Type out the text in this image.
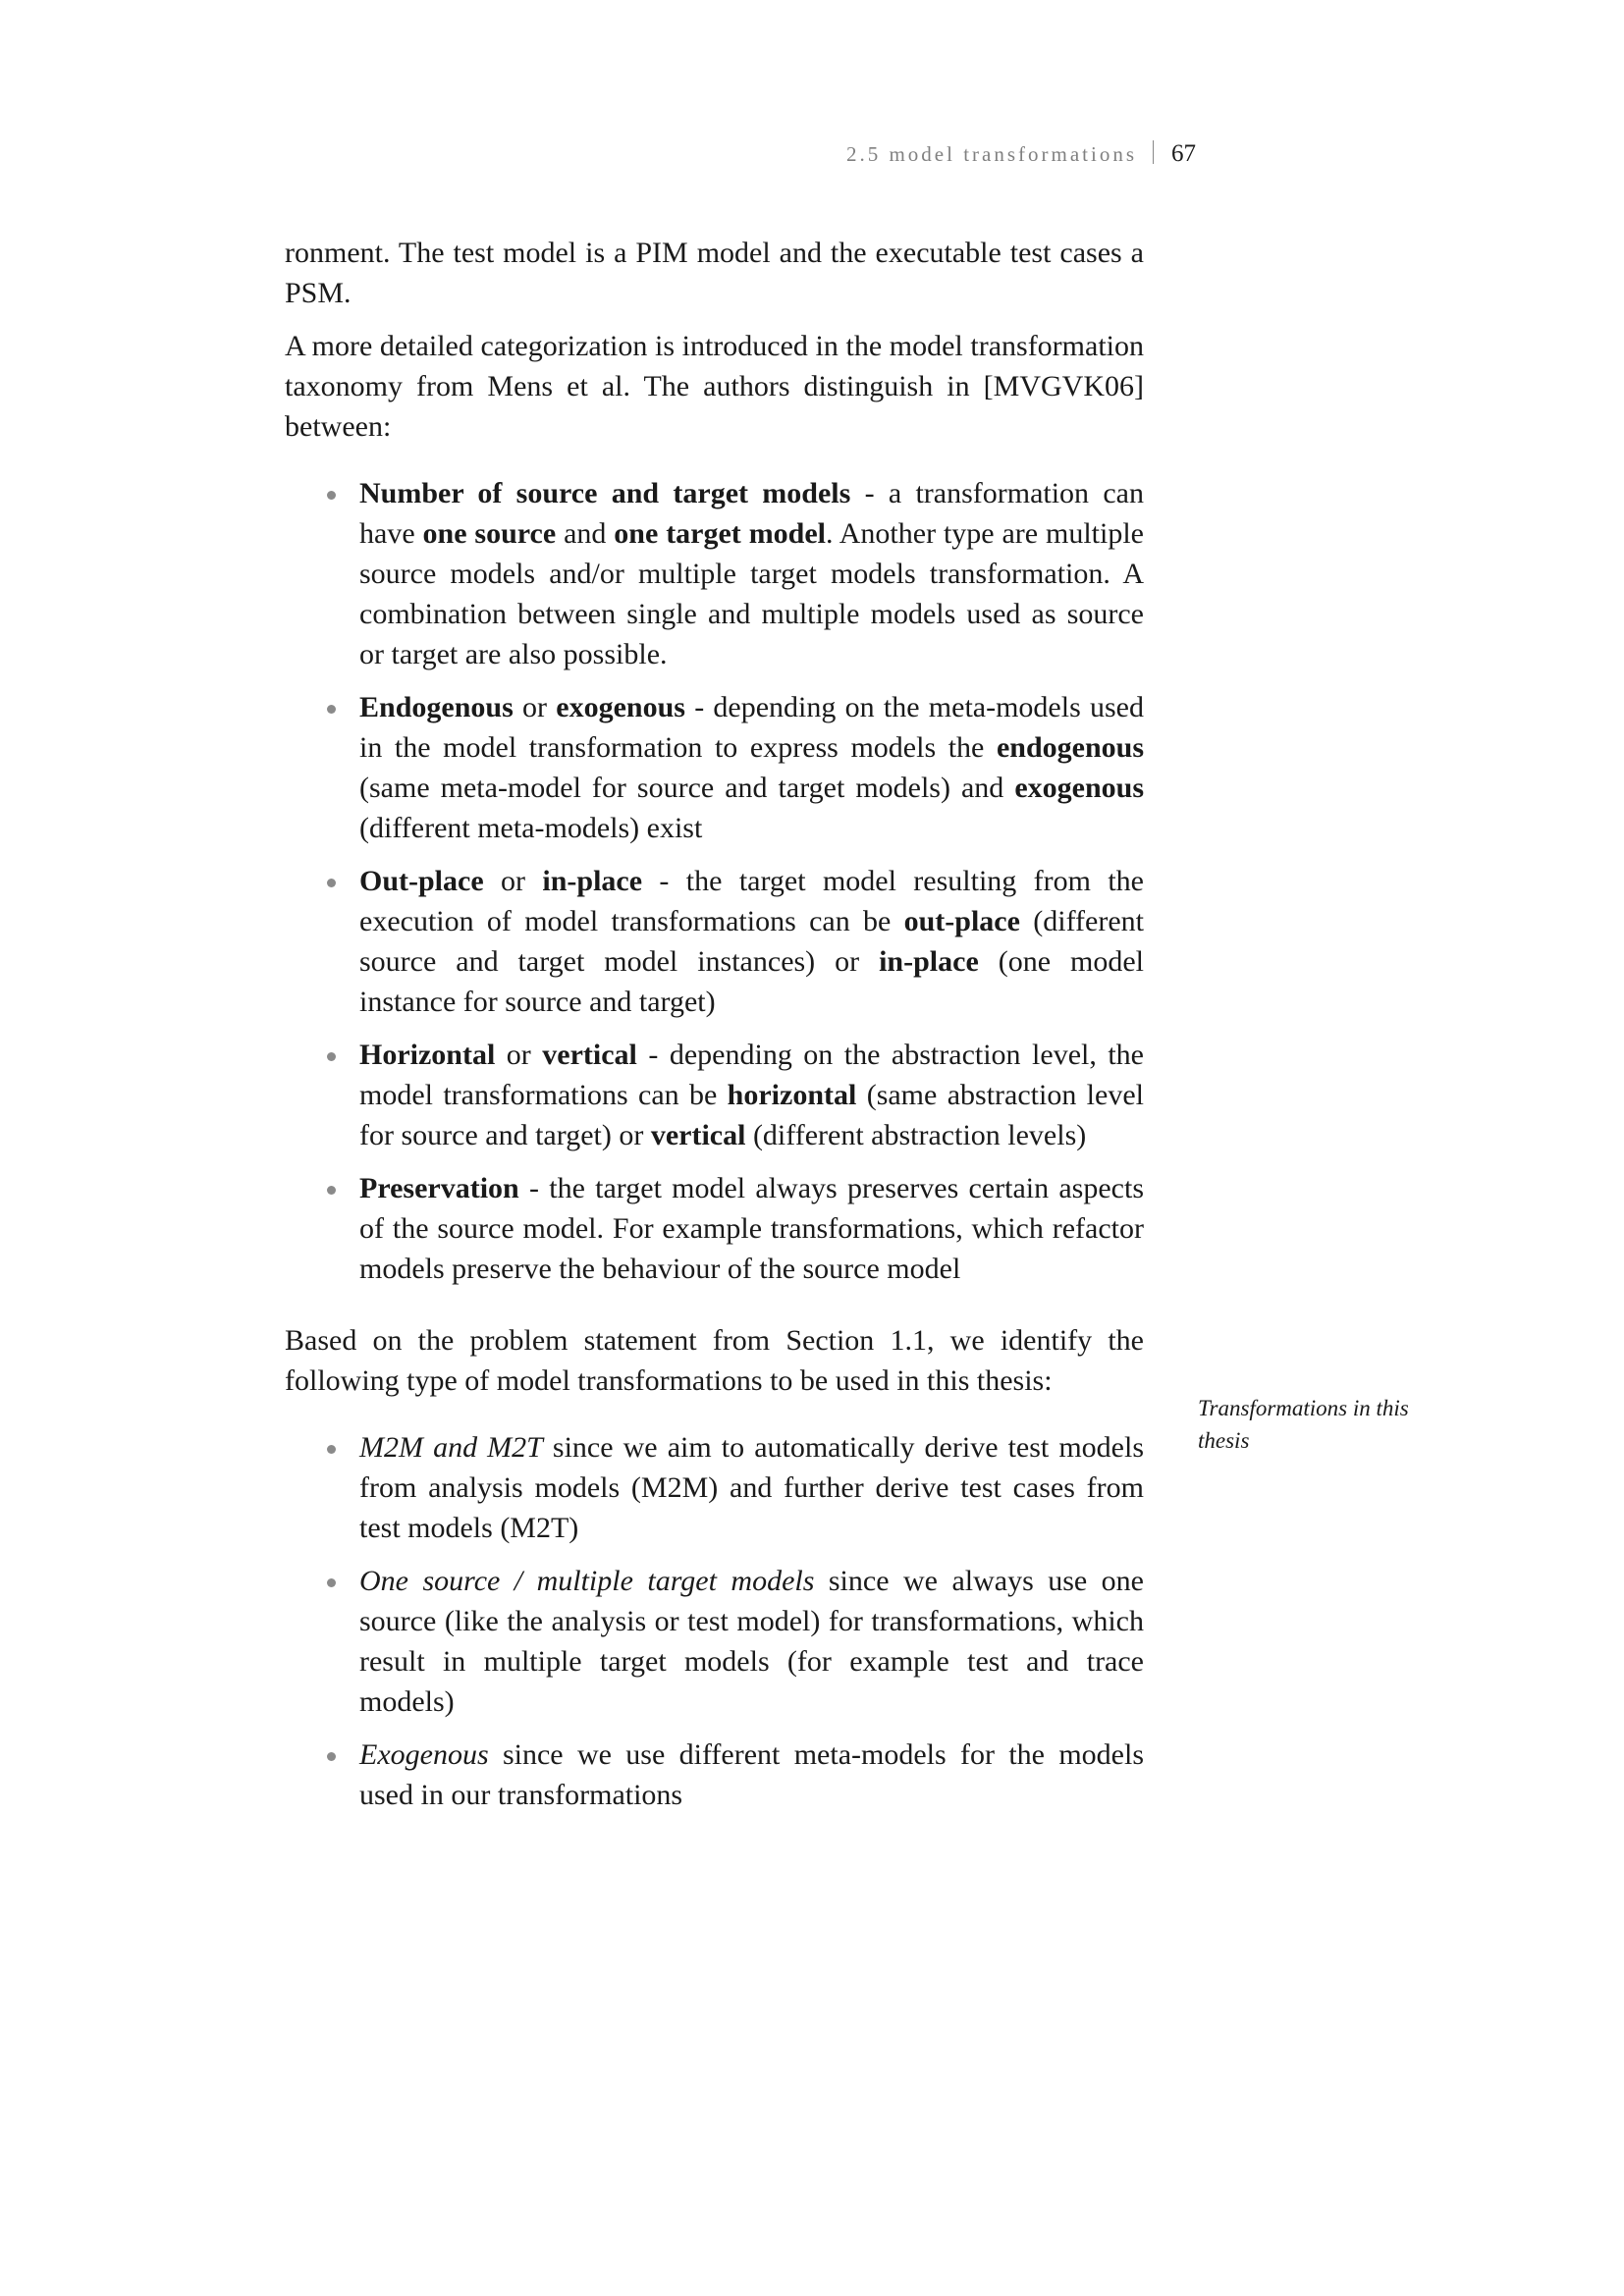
2.5 model transformations 67

ronment. The test model is a PIM model and the executable test cases a PSM.

A more detailed categorization is introduced in the model transformation taxonomy from Mens et al. The authors distinguish in [MVGVK06] between:

Number of source and target models - a transformation can have one source and one target model. Another type are multiple source models and/or multiple target models transformation. A combination between single and multiple models used as source or target are also possible.
Endogenous or exogenous - depending on the meta-models used in the model transformation to express models the endogenous (same meta-model for source and target models) and exogenous (different meta-models) exist
Out-place or in-place - the target model resulting from the execution of model transformations can be out-place (different source and target model instances) or in-place (one model instance for source and target)
Horizontal or vertical - depending on the abstraction level, the model transformations can be horizontal (same abstraction level for source and target) or vertical (different abstraction levels)
Preservation - the target model always preserves certain aspects of the source model. For example transformations, which refactor models preserve the behaviour of the source model

Based on the problem statement from Section 1.1, we identify the following type of model transformations to be used in this thesis:

M2M and M2T since we aim to automatically derive test models from analysis models (M2M) and further derive test cases from test models (M2T)
One source / multiple target models since we always use one source (like the analysis or test model) for transformations, which result in multiple target models (for example test and trace models)
Exogenous since we use different meta-models for the models used in our transformations
Transformations in this thesis
